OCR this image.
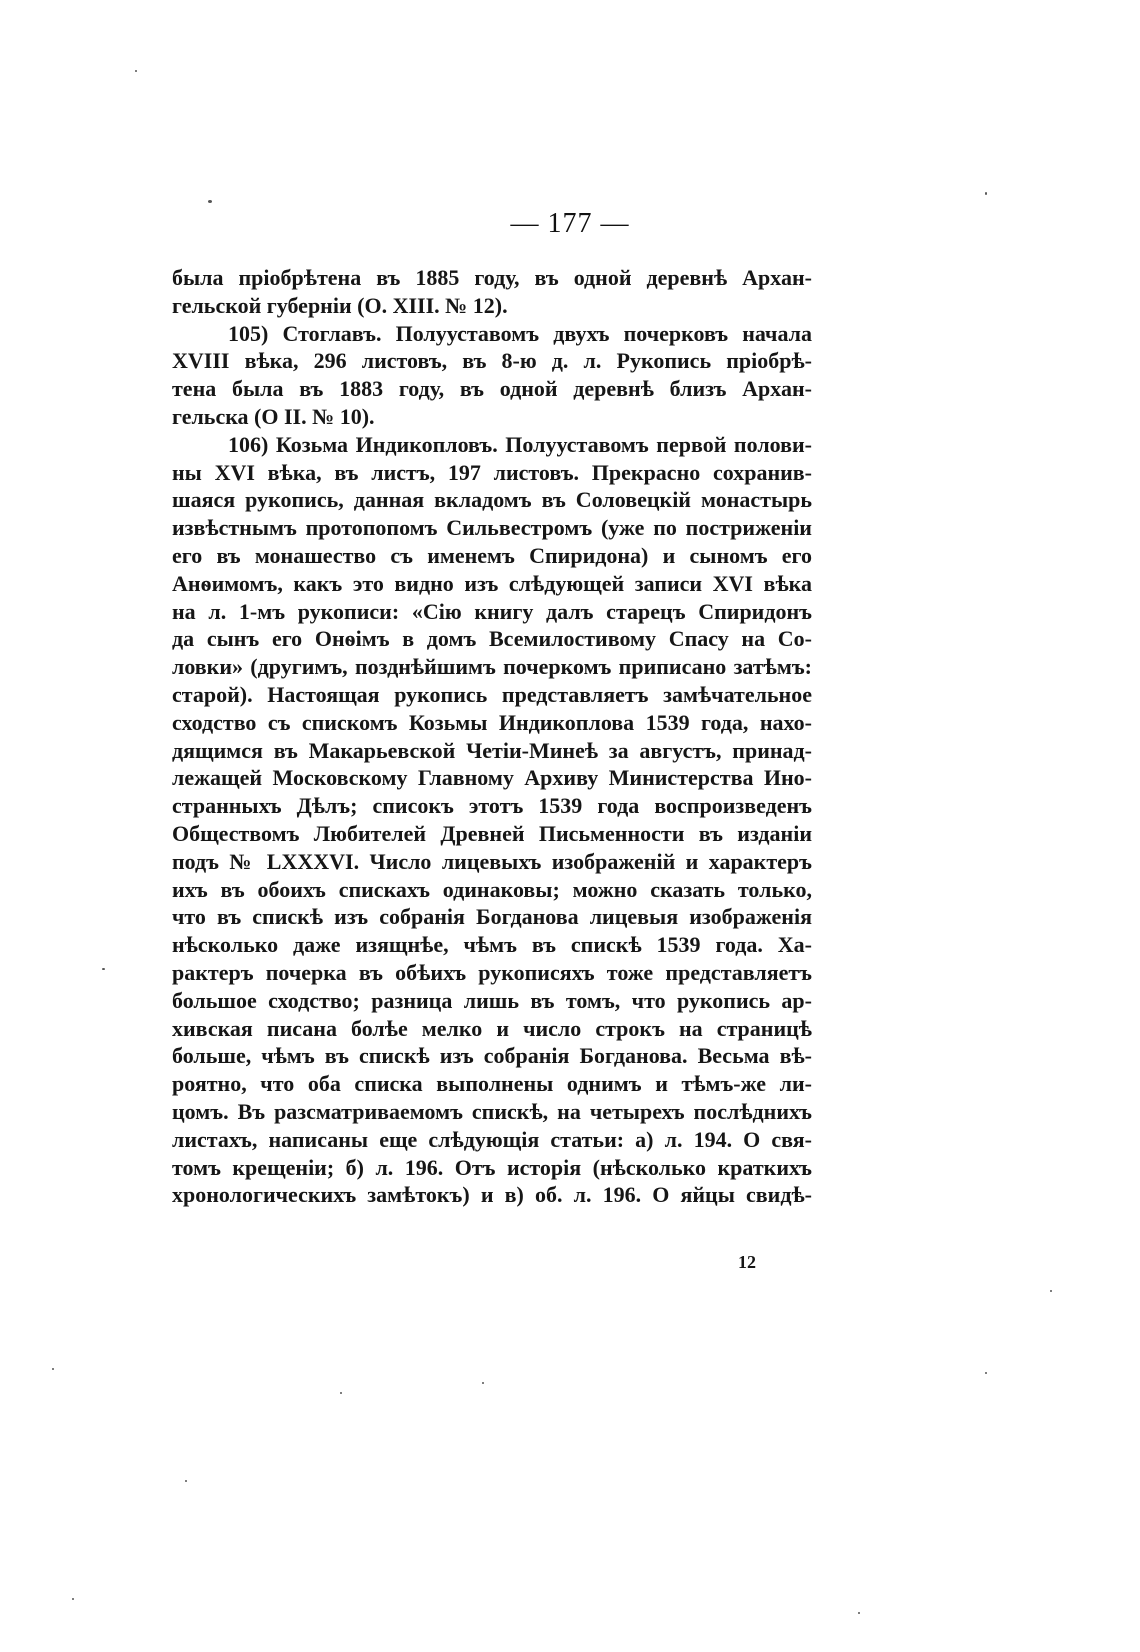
— 177 —
была пріобрѣтена въ 1885 году, въ одной деревнѣ Архан-
гельской губерніи (О. XIII. № 12).
105) Стоглавъ. Полууставомъ двухъ почерковъ начала
XVIII вѣка, 296 листовъ, въ 8-ю д. л. Рукопись пріобрѣ-
тена была въ 1883 году, въ одной деревнѣ близъ Архан-
гельска (О II. № 10).
106) Козьма Индикопловъ. Полууставомъ первой полови-
ны XVI вѣка, въ листъ, 197 листовъ. Прекрасно сохранив-
шаяся рукопись, данная вкладомъ въ Соловецкій монастырь
извѣстнымъ протопопомъ Сильвестромъ (уже по постриженіи
его въ монашество съ именемъ Спиридона) и сыномъ его
Анѳимомъ, какъ это видно изъ слѣдующей записи XVI вѣка
на л. 1-мъ рукописи: «Сію книгу далъ старецъ Спиридонъ
да сынъ его Онѳімъ в домъ Всемилостивому Спасу на Со-
ловки» (другимъ, позднѣйшимъ почеркомъ приписано затѣмъ:
старой). Настоящая рукопись представляетъ замѣчательное
сходство съ спискомъ Козьмы Индикоплова 1539 года, нахо-
дящимся въ Макарьевской Четіи-Минеѣ за августъ, принад-
лежащей Московскому Главному Архиву Министерства Ино-
странныхъ Дѣлъ; списокъ этотъ 1539 года воспроизведенъ
Обществомъ Любителей Древней Письменности въ изданіи
подъ № LXXXVI. Число лицевыхъ изображеній и характеръ
ихъ въ обоихъ спискахъ одинаковы; можно сказать только,
что въ спискѣ изъ собранія Богданова лицевыя изображенія
нѣсколько даже изящнѣе, чѣмъ въ спискѣ 1539 года. Ха-
рактеръ почерка въ обѣихъ рукописяхъ тоже представляетъ
большое сходство; разница лишь въ томъ, что рукопись ар-
хивская писана болѣе мелко и число строкъ на страницѣ
больше, чѣмъ въ спискѣ изъ собранія Богданова. Весьма вѣ-
роятно, что оба списка выполнены однимъ и тѣмъ-же ли-
цомъ. Въ разсматриваемомъ спискѣ, на четырехъ послѣднихъ
листахъ, написаны еще слѣдующія статьи: а) л. 194. О свя-
томъ крещеніи; б) л. 196. Отъ исторія (нѣсколько краткихъ
хронологическихъ замѣтокъ) и в) об. л. 196. О яйцы свидѣ-
12
